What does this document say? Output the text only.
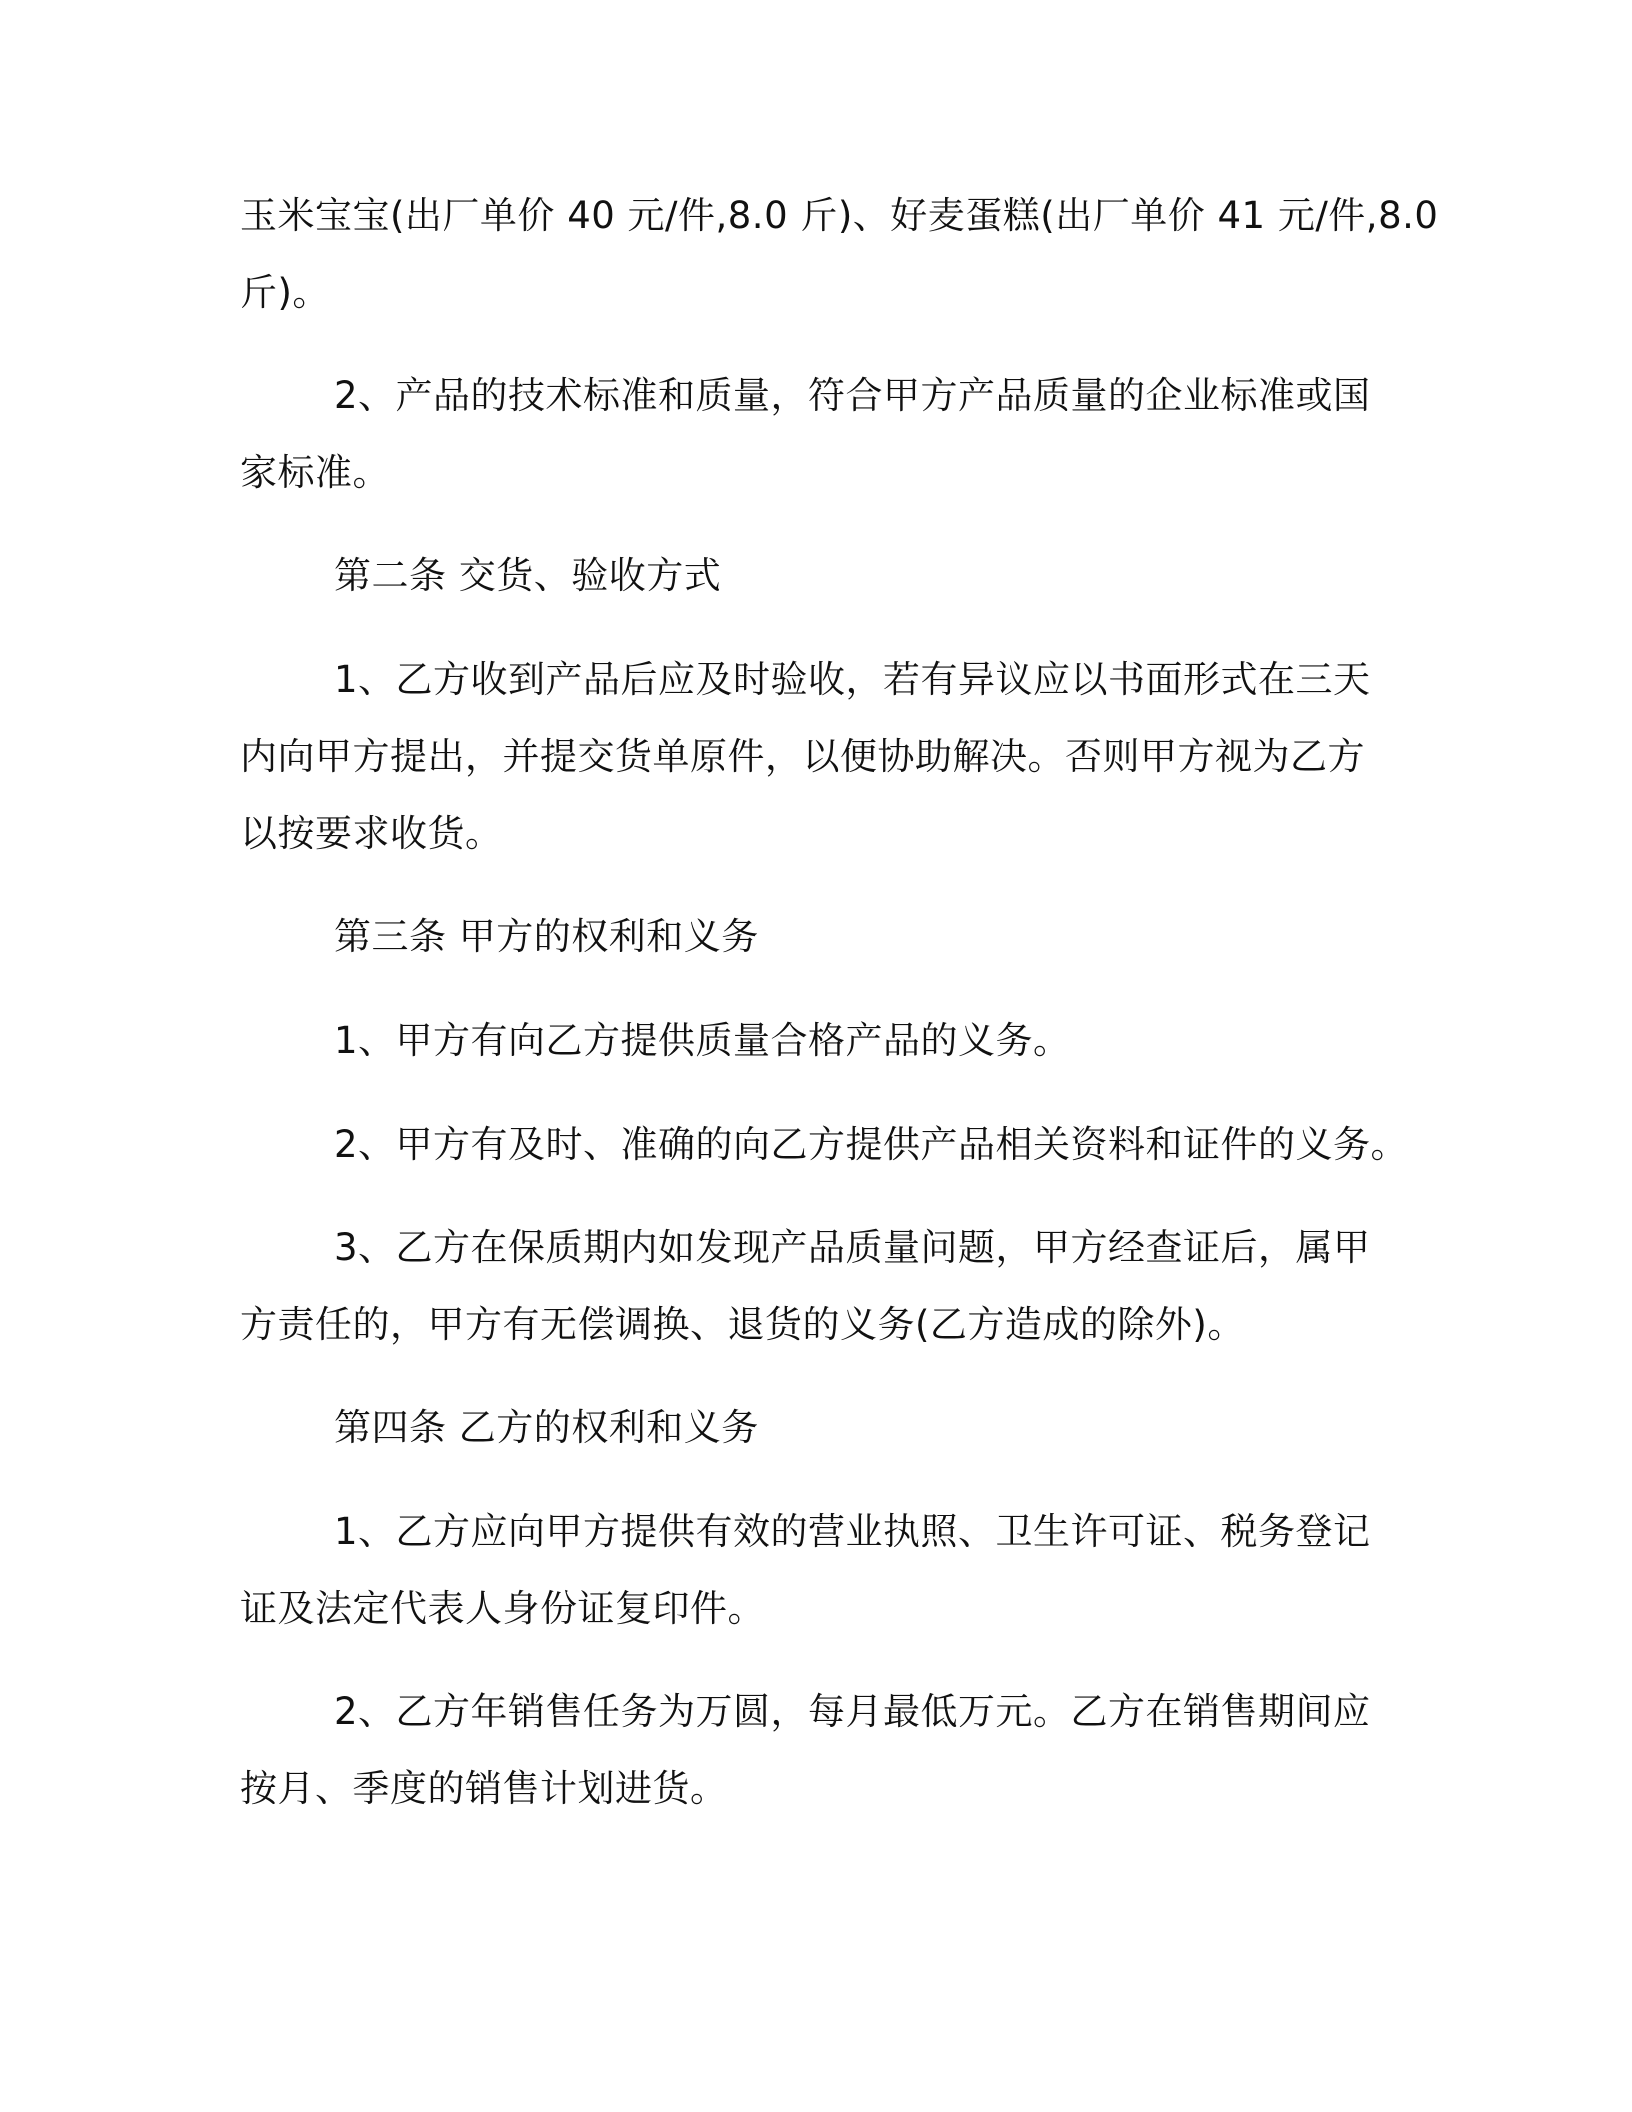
玉米宝宝(出厂单价 40 元/件,8.0 斤)、好麦蛋糕(出厂单价 41 元/件,8.0
斤)。
2、产品的技术标准和质量，符合甲方产品质量的企业标准或国
家标准。
第二条 交货、验收方式
1、乙方收到产品后应及时验收，若有异议应以书面形式在三天
内向甲方提出，并提交货单原件，以便协助解决。否则甲方视为乙方
以按要求收货。
第三条 甲方的权利和义务
1、甲方有向乙方提供质量合格产品的义务。
2、甲方有及时、准确的向乙方提供产品相关资料和证件的义务。
3、乙方在保质期内如发现产品质量问题，甲方经查证后，属甲
方责任的，甲方有无偿调换、退货的义务(乙方造成的除外)。
第四条 乙方的权利和义务
1、乙方应向甲方提供有效的营业执照、卫生许可证、税务登记
证及法定代表人身份证复印件。
2、乙方年销售任务为万圆，每月最低万元。乙方在销售期间应
按月、季度的销售计划进货。
